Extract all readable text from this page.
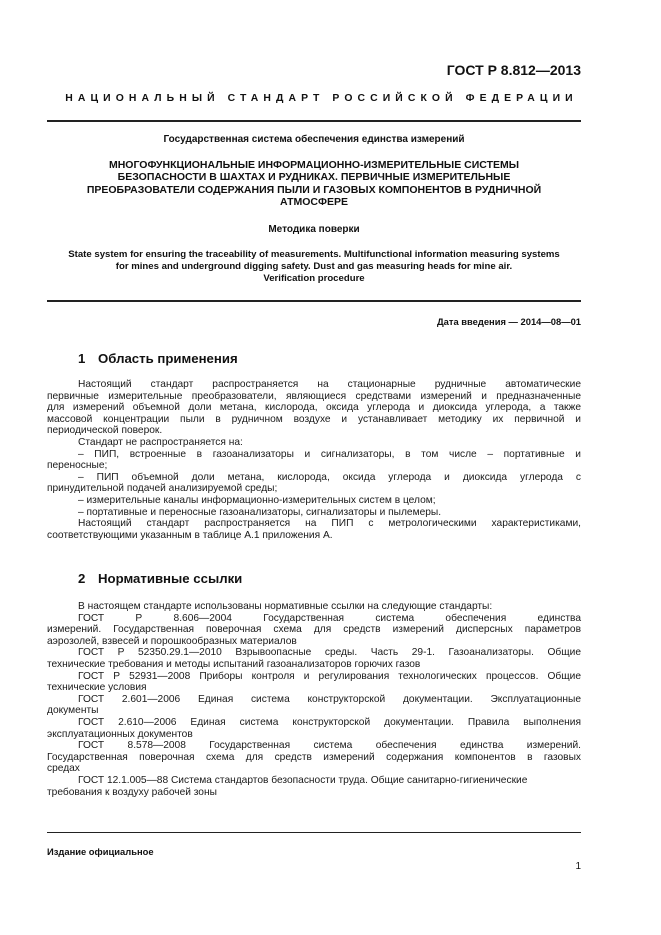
ГОСТ Р 8.812—2013
НАЦИОНАЛЬНЫЙ СТАНДАРТ РОССИЙСКОЙ ФЕДЕРАЦИИ
Государственная система обеспечения единства измерений
МНОГОФУНКЦИОНАЛЬНЫЕ ИНФОРМАЦИОННО-ИЗМЕРИТЕЛЬНЫЕ СИСТЕМЫ
БЕЗОПАСНОСТИ В ШАХТАХ И РУДНИКАХ. ПЕРВИЧНЫЕ ИЗМЕРИТЕЛЬНЫЕ
ПРЕОБРАЗОВАТЕЛИ СОДЕРЖАНИЯ ПЫЛИ И ГАЗОВЫХ КОМПОНЕНТОВ В РУДНИЧНОЙ
АТМОСФЕРЕ
Методика поверки
State system for ensuring the traceability of measurements. Multifunctional information measuring systems
for mines and underground digging safety. Dust and gas measuring heads for mine air.
Verification procedure
Дата введения — 2014—08—01
1 Область применения

Настоящий стандарт распространяется на стационарные рудничные автоматические

первичные измерительные преобразователи, являющиеся средствами измерений и предназначенные

для измерений объемной доли метана, кислорода, оксида углерода и диоксида углерода, а также

массовой концентрации пыли в рудничном воздухе и устанавливает методику их первичной и

периодической поверок.

Стандарт не распространяется на:

– ПИП, встроенные в газоанализаторы и сигнализаторы, в том числе – портативные и

переносные;

– ПИП объемной доли метана, кислорода, оксида углерода и диоксида углерода с

принудительной подачей анализируемой среды;

– измерительные каналы информационно-измерительных систем в целом;

– портативные и переносные газоанализаторы, сигнализаторы и пылемеры.

Настоящий стандарт распространяется на ПИП с метрологическими характеристиками,

соответствующими указанным в таблице А.1 приложения А.

2 Нормативные ссылки

В настоящем стандарте использованы нормативные ссылки на следующие стандарты:

ГОСТ Р 8.606—2004 Государственная система обеспечения единства

измерений. Государственная поверочная схема для средств измерений дисперсных параметров

аэрозолей, взвесей и порошкообразных материалов

ГОСТ Р 52350.29.1—2010 Взрывоопасные среды. Часть 29-1. Газоанализаторы. Общие

технические требования и методы испытаний газоанализаторов горючих газов

ГОСТ Р 52931—2008 Приборы контроля и регулирования технологических процессов. Общие

технические условия

ГОСТ 2.601—2006 Единая система конструкторской документации. Эксплуатационные

документы

ГОСТ 2.610—2006 Единая система конструкторской документации. Правила выполнения

эксплуатационных документов

ГОСТ 8.578—2008 Государственная система обеспечения единства измерений.

Государственная поверочная схема для средств измерений содержания компонентов в газовых

средах

ГОСТ 12.1.005—88 Система стандартов безопасности труда. Общие санитарно-гигиенические

требования к воздуху рабочей зоны

Издание официальное
1
